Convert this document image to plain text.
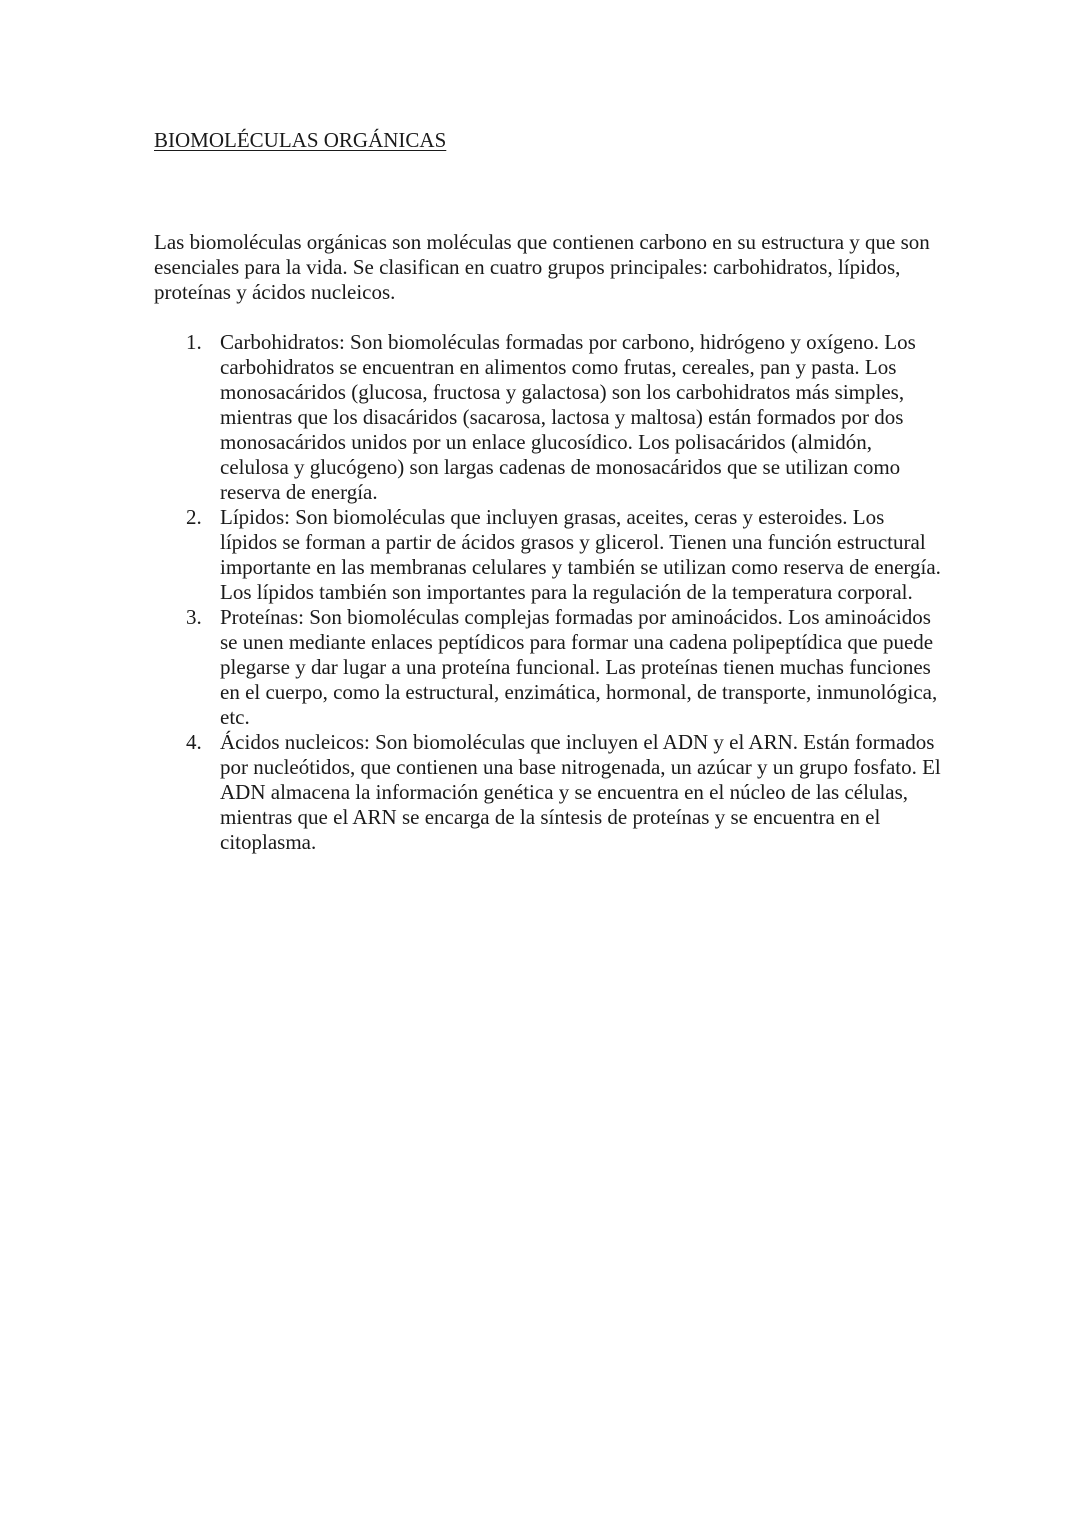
BIOMOLÉCULAS ORGÁNICAS

Las biomoléculas orgánicas son moléculas que contienen carbono en su estructura y que son esenciales para la vida. Se clasifican en cuatro grupos principales: carbohidratos, lípidos, proteínas y ácidos nucleicos.

1. Carbohidratos: Son biomoléculas formadas por carbono, hidrógeno y oxígeno. Los carbohidratos se encuentran en alimentos como frutas, cereales, pan y pasta. Los monosacáridos (glucosa, fructosa y galactosa) son los carbohidratos más simples, mientras que los disacáridos (sacarosa, lactosa y maltosa) están formados por dos monosacáridos unidos por un enlace glucosídico. Los polisacáridos (almidón, celulosa y glucógeno) son largas cadenas de monosacáridos que se utilizan como reserva de energía.
2. Lípidos: Son biomoléculas que incluyen grasas, aceites, ceras y esteroides. Los lípidos se forman a partir de ácidos grasos y glicerol. Tienen una función estructural importante en las membranas celulares y también se utilizan como reserva de energía. Los lípidos también son importantes para la regulación de la temperatura corporal.
3. Proteínas: Son biomoléculas complejas formadas por aminoácidos. Los aminoácidos se unen mediante enlaces peptídicos para formar una cadena polipeptídica que puede plegarse y dar lugar a una proteína funcional. Las proteínas tienen muchas funciones en el cuerpo, como la estructural, enzimática, hormonal, de transporte, inmunológica, etc.
4. Ácidos nucleicos: Son biomoléculas que incluyen el ADN y el ARN. Están formados por nucleótidos, que contienen una base nitrogenada, un azúcar y un grupo fosfato. El ADN almacena la información genética y se encuentra en el núcleo de las células, mientras que el ARN se encarga de la síntesis de proteínas y se encuentra en el citoplasma.
